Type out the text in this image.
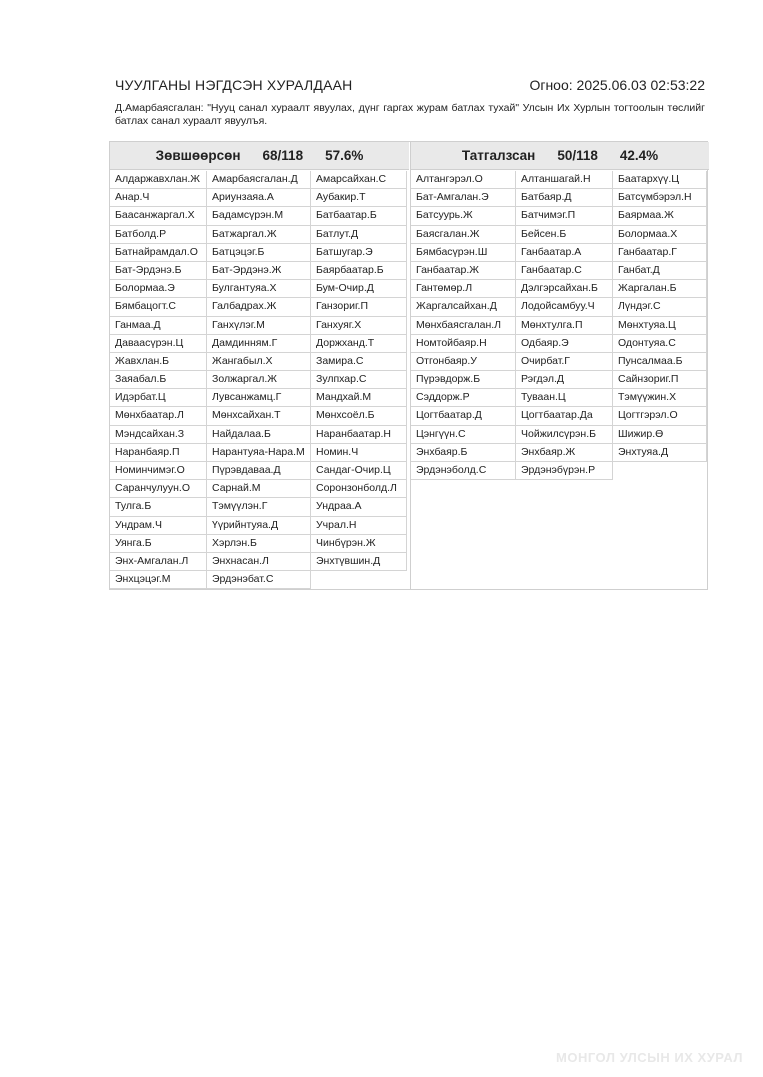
ЧУУЛГАНЫ НЭГДСЭН ХУРАЛДААН	Огноо: 2025.06.03 02:53:22
Д.Амарбаясгалан: "Нууц санал хураалт явуулах, дүнг гаргах журам батлах тухай" Улсын Их Хурлын тогтоолын төслийг батлах санал хураалт явуулъя.
Зөвшөөрсөн 68/118 57.6%
Алдаржавхлан.Ж	Амарбаясгалан.Д	Амарсайхан.С
Анар.Ч	Ариунзаяа.А	Аубакир.Т
Баасанжаргал.Х	Бадамсүрэн.М	Батбаатар.Б
Батболд.Р	Батжаргал.Ж	Батлут.Д
Батнайрамдал.О	Батцэцэг.Б	Батшугар.Э
Бат-Эрдэнэ.Б	Бат-Эрдэнэ.Ж	Баярбаатар.Б
Болормаа.Э	Булгантуяа.Х	Бум-Очир.Д
Бямбацогт.С	Галбадрах.Ж	Ганзориг.П
Ганмаа.Д	Ганхүлэг.М	Ганхуяг.Х
Даваасүрэн.Ц	Дамдинням.Г	Доржханд.Т
Жавхлан.Б	Жангабыл.Х	Замира.С
Заяабал.Б	Золжаргал.Ж	Зулпхар.С
Идэрбат.Ц	Лувсанжамц.Г	Мандхай.М
Мөнхбаатар.Л	Мөнхсайхан.Т	Мөнхсоёл.Б
Мэндсайхан.З	Найдалаа.Б	Наранбаатар.Н
Наранбаяр.П	Нарантуяа-Нара.М	Номин.Ч
Номинчимэг.О	Пүрэвдаваа.Д	Сандаг-Очир.Ц
Саранчулуун.О	Сарнай.М	Соронзонболд.Л
Тулга.Б	Тэмүүлэн.Г	Ундраа.А
Ундрам.Ч	Үүрийнтуяа.Д	Учрал.Н
Уянга.Б	Хэрлэн.Б	Чинбүрэн.Ж
Энх-Амгалан.Л	Энхнасан.Л	Энхтүвшин.Д
Энхцэцэг.М	Эрдэнэбат.С
Татгалзсан 50/118 42.4%
Алтангэрэл.О	Алтаншагай.Н	Баатархүү.Ц
Бат-Амгалан.Э	Батбаяр.Д	Батсүмбэрэл.Н
Батсуурь.Ж	Батчимэг.П	Баярмаа.Ж
Баясгалан.Ж	Бейсен.Б	Болормаа.Х
Бямбасүрэн.Ш	Ганбаатар.А	Ганбаатар.Г
Ганбаатар.Ж	Ганбаатар.С	Ганбат.Д
Гантөмөр.Л	Дэлгэрсайхан.Б	Жаргалан.Б
Жаргалсайхан.Д	Лодойсамбуу.Ч	Лүндэг.С
Мөнхбаясгалан.Л	Мөнхтулга.П	Мөнхтуяа.Ц
Номтойбаяр.Н	Одбаяр.Э	Одонтуяа.С
Отгонбаяр.У	Очирбат.Г	Пунсалмаа.Б
Пүрэвдорж.Б	Рэгдэл.Д	Сайнзориг.П
Сэддорж.Р	Туваан.Ц	Тэмүүжин.Х
Цогтбаатар.Д	Цогтбаатар.Да	Цогтгэрэл.О
Цэнгүүн.С	Чойжилсүрэн.Б	Шижир.Ө
Энхбаяр.Б	Энхбаяр.Ж	Энхтуяа.Д
Эрдэнэболд.С	Эрдэнэбүрэн.Р
МОНГОЛ УЛСЫН ИХ ХУРАЛ
